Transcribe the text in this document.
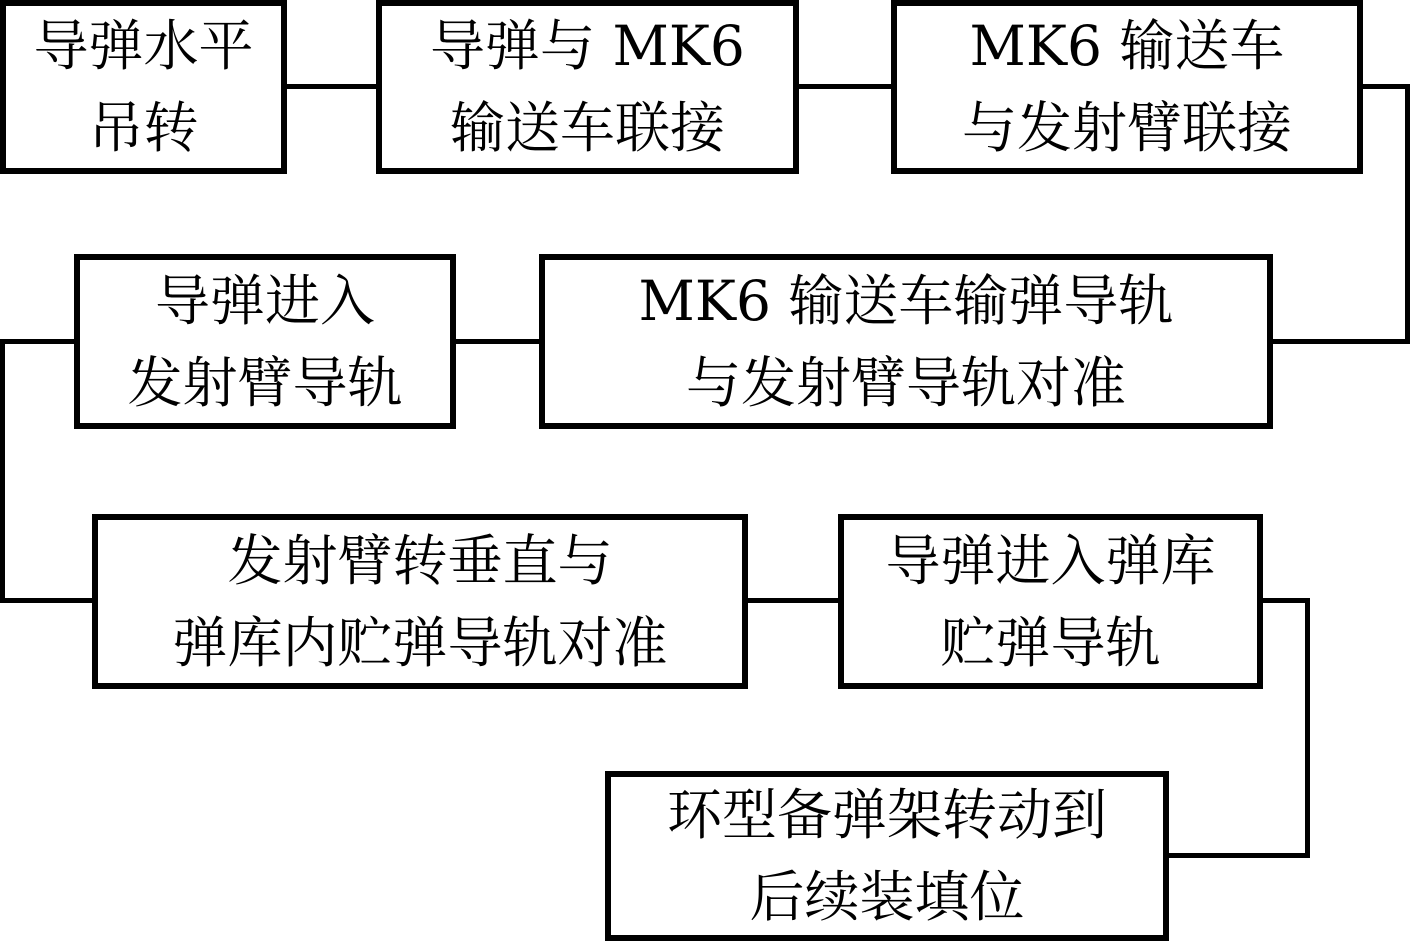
导弹水平
吊转
导弹与 MK6
输送车联接
MK6 输送车
与发射臂联接
导弹进入
发射臂导轨
MK6 输送车输弹导轨
与发射臂导轨对准
发射臂转垂直与
弹库内贮弹导轨对准
导弹进入弹库
贮弹导轨
环型备弹架转动到
后续装填位
